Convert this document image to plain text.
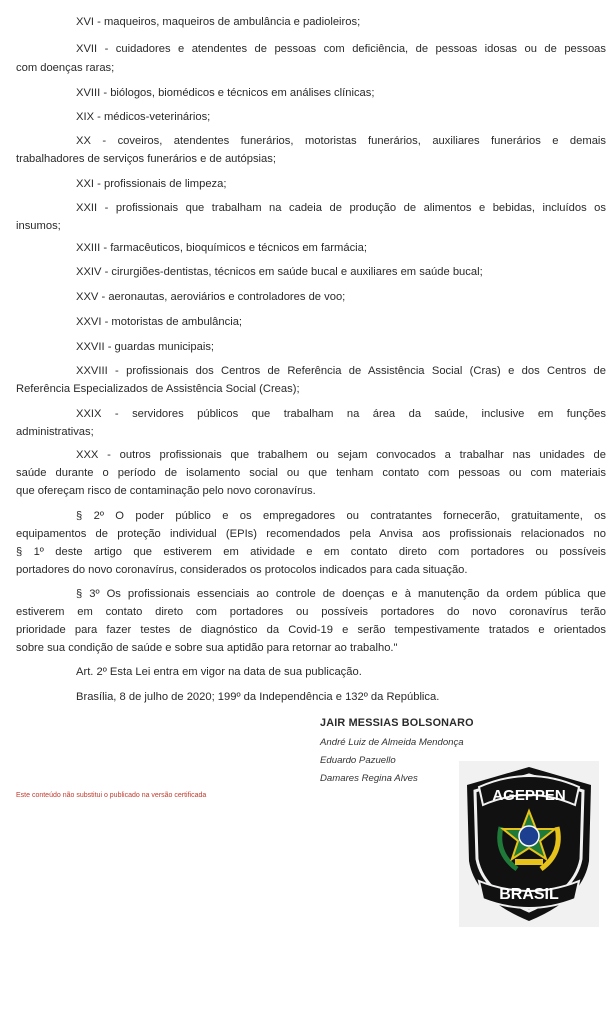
XVI - maqueiros, maqueiros de ambulância e padioleiros;
XVII - cuidadores e atendentes de pessoas com deficiência, de pessoas idosas ou de pessoas
com doenças raras;
XVIII - biólogos, biomédicos e técnicos em análises clínicas;
XIX - médicos-veterinários;
XX - coveiros, atendentes funerários, motoristas funerários, auxiliares funerários e demais
trabalhadores de serviços funerários e de autópsias;
XXI - profissionais de limpeza;
XXII - profissionais que trabalham na cadeia de produção de alimentos e bebidas, incluídos os
insumos;
XXIII - farmacêuticos, bioquímicos e técnicos em farmácia;
XXIV - cirurgiões-dentistas, técnicos em saúde bucal e auxiliares em saúde bucal;
XXV - aeronautas, aeroviários e controladores de voo;
XXVI - motoristas de ambulância;
XXVII - guardas municipais;
XXVIII - profissionais dos Centros de Referência de Assistência Social (Cras) e dos Centros de
Referência Especializados de Assistência Social (Creas);
XXIX - servidores públicos que trabalham na área da saúde, inclusive em funções
administrativas;
XXX - outros profissionais que trabalhem ou sejam convocados a trabalhar nas unidades de
saúde durante o período de isolamento social ou que tenham contato com pessoas ou com materiais
que ofereçam risco de contaminação pelo novo coronavírus.
§ 2º O poder público e os empregadores ou contratantes fornecerão, gratuitamente, os
equipamentos de proteção individual (EPIs) recomendados pela Anvisa aos profissionais relacionados no
§ 1º deste artigo que estiverem em atividade e em contato direto com portadores ou possíveis
portadores do novo coronavírus, considerados os protocolos indicados para cada situação.
§ 3º Os profissionais essenciais ao controle de doenças e à manutenção da ordem pública que
estiverem em contato direto com portadores ou possíveis portadores do novo coronavírus terão
prioridade para fazer testes de diagnóstico da Covid-19 e serão tempestivamente tratados e orientados
sobre sua condição de saúde e sobre sua aptidão para retornar ao trabalho."
Art. 2º Esta Lei entra em vigor na data de sua publicação.
Brasília, 8 de julho de 2020; 199º da Independência e 132º da República.
JAIR MESSIAS BOLSONARO
André Luiz de Almeida Mendonça
Eduardo Pazuello
Damares Regina Alves
Este conteúdo não substitui o publicado na versão certificada	AGEPPEN
BRASIL
